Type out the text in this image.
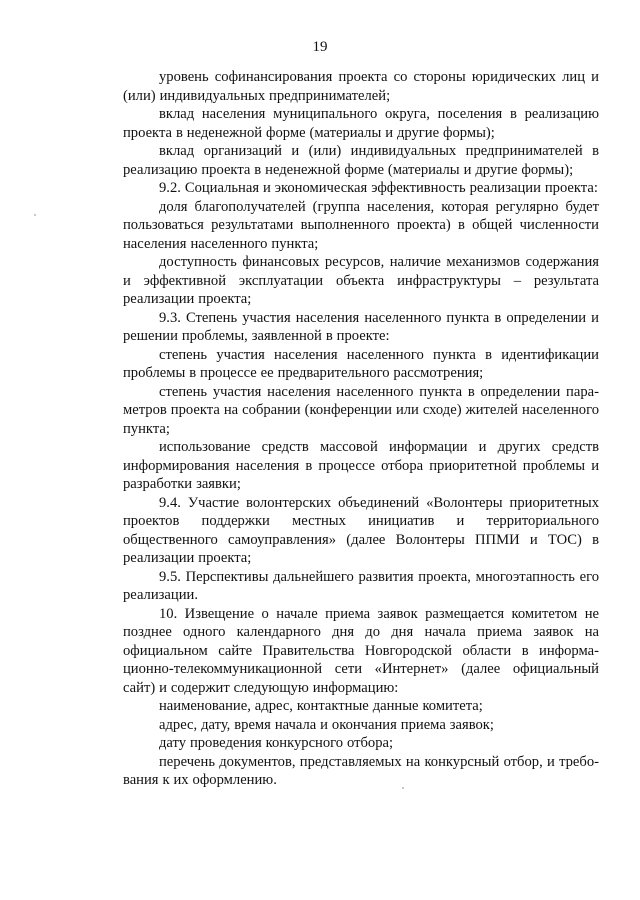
19

уровень софинансирования проекта со стороны юридических лиц и (или) индивидуальных предпринимателей;

вклад населения муниципального округа, поселения в реализацию проекта в неденежной форме (материалы и другие формы);

вклад организаций и (или) индивидуальных предпринимателей в реализацию проекта в неденежной форме (материалы и другие формы);

9.2. Социальная и экономическая эффективность реализации проекта:

доля благополучателей (группа населения, которая регулярно будет пользоваться результатами выполненного проекта) в общей численности населения населенного пункта;

доступность финансовых ресурсов, наличие механизмов содержания и эффективной эксплуатации объекта инфраструктуры – результата реализации проекта;

9.3. Степень участия населения населенного пункта в определении и решении проблемы, заявленной в проекте:

степень участия населения населенного пункта в идентификации проблемы в процессе ее предварительного рассмотрения;

степень участия населения населенного пункта в определении параметров проекта на собрании (конференции или сходе) жителей населенного пункта;

использование средств массовой информации и других средств информирования населения в процессе отбора приоритетной проблемы и разработки заявки;

9.4. Участие волонтерских объединений «Волонтеры приоритетных проектов поддержки местных инициатив и территориального общественного самоуправления» (далее Волонтеры ППМИ и ТОС) в реализации проекта;

9.5. Перспективы дальнейшего развития проекта, многоэтапность его реализации.

10. Извещение о начале приема заявок размещается комитетом не позднее одного календарного дня до дня начала приема заявок на официальном сайте Правительства Новгородской области в информационно-телекоммуникационной сети «Интернет» (далее официальный сайт) и содержит следующую информацию:

наименование, адрес, контактные данные комитета;

адрес, дату, время начала и окончания приема заявок;

дату проведения конкурсного отбора;

перечень документов, представляемых на конкурсный отбор, и требования к их оформлению.
